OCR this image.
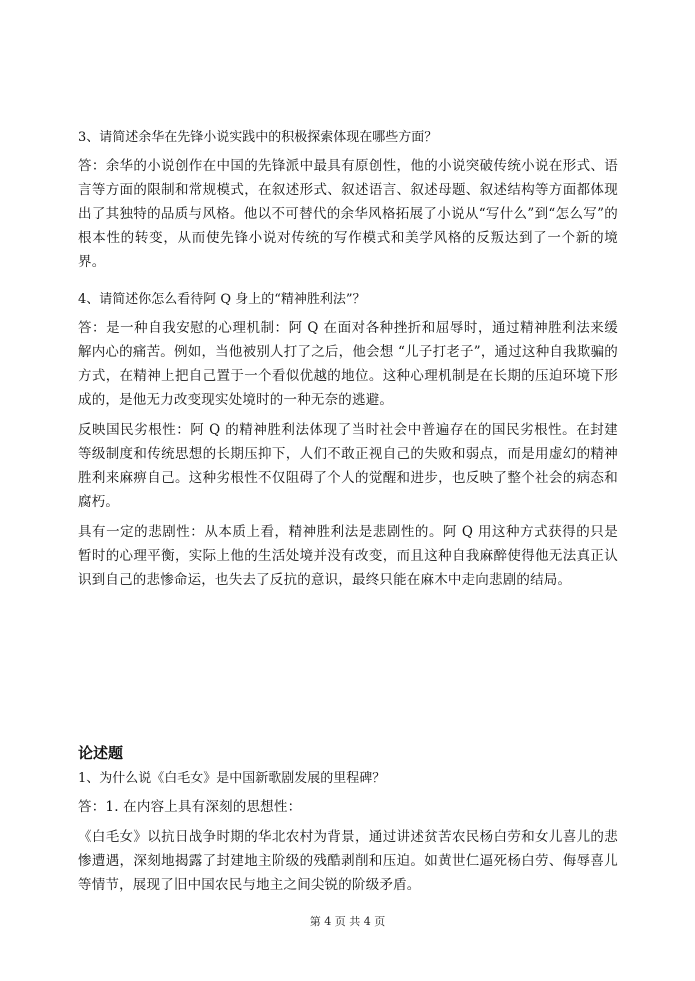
3、请简述余华在先锋小说实践中的积极探索体现在哪些方面？

答：余华的小说创作在中国的先锋派中最具有原创性，他的小说突破传统小说在形式、语言等方面的限制和常规模式，在叙述形式、叙述语言、叙述母题、叙述结构等方面都体现出了其独特的品质与风格。他以不可替代的余华风格拓展了小说从“写什么”到“怎么写”的根本性的转变，从而使先锋小说对传统的写作模式和美学风格的反叛达到了一个新的境界。

4、请简述你怎么看待阿 Q 身上的“精神胜利法”？

答：是一种自我安慰的心理机制：阿 Q 在面对各种挫折和屈辱时，通过精神胜利法来缓解内心的痛苦。例如，当他被别人打了之后，他会想 “儿子打老子”，通过这种自我欺骗的方式，在精神上把自己置于一个看似优越的地位。这种心理机制是在长期的压迫环境下形成的，是他无力改变现实处境时的一种无奈的逃避。

反映国民劣根性：阿 Q 的精神胜利法体现了当时社会中普遍存在的国民劣根性。在封建等级制度和传统思想的长期压抑下，人们不敢正视自己的失败和弱点，而是用虚幻的精神胜利来麻痹自己。这种劣根性不仅阻碍了个人的觉醒和进步，也反映了整个社会的病态和腐朽。

具有一定的悲剧性：从本质上看，精神胜利法是悲剧性的。阿 Q 用这种方式获得的只是暂时的心理平衡，实际上他的生活处境并没有改变，而且这种自我麻醉使得他无法真正认识到自己的悲惨命运，也失去了反抗的意识，最终只能在麻木中走向悲剧的结局。

论述题

1、为什么说《白毛女》是中国新歌剧发展的里程碑？

答：1. 在内容上具有深刻的思想性：

《白毛女》以抗日战争时期的华北农村为背景，通过讲述贫苦农民杨白劳和女儿喜儿的悲惨遭遇，深刻地揭露了封建地主阶级的残酷剥削和压迫。如黄世仁逼死杨白劳、侮辱喜儿等情节，展现了旧中国农民与地主之间尖锐的阶级矛盾。

第 4 页 共 4 页
